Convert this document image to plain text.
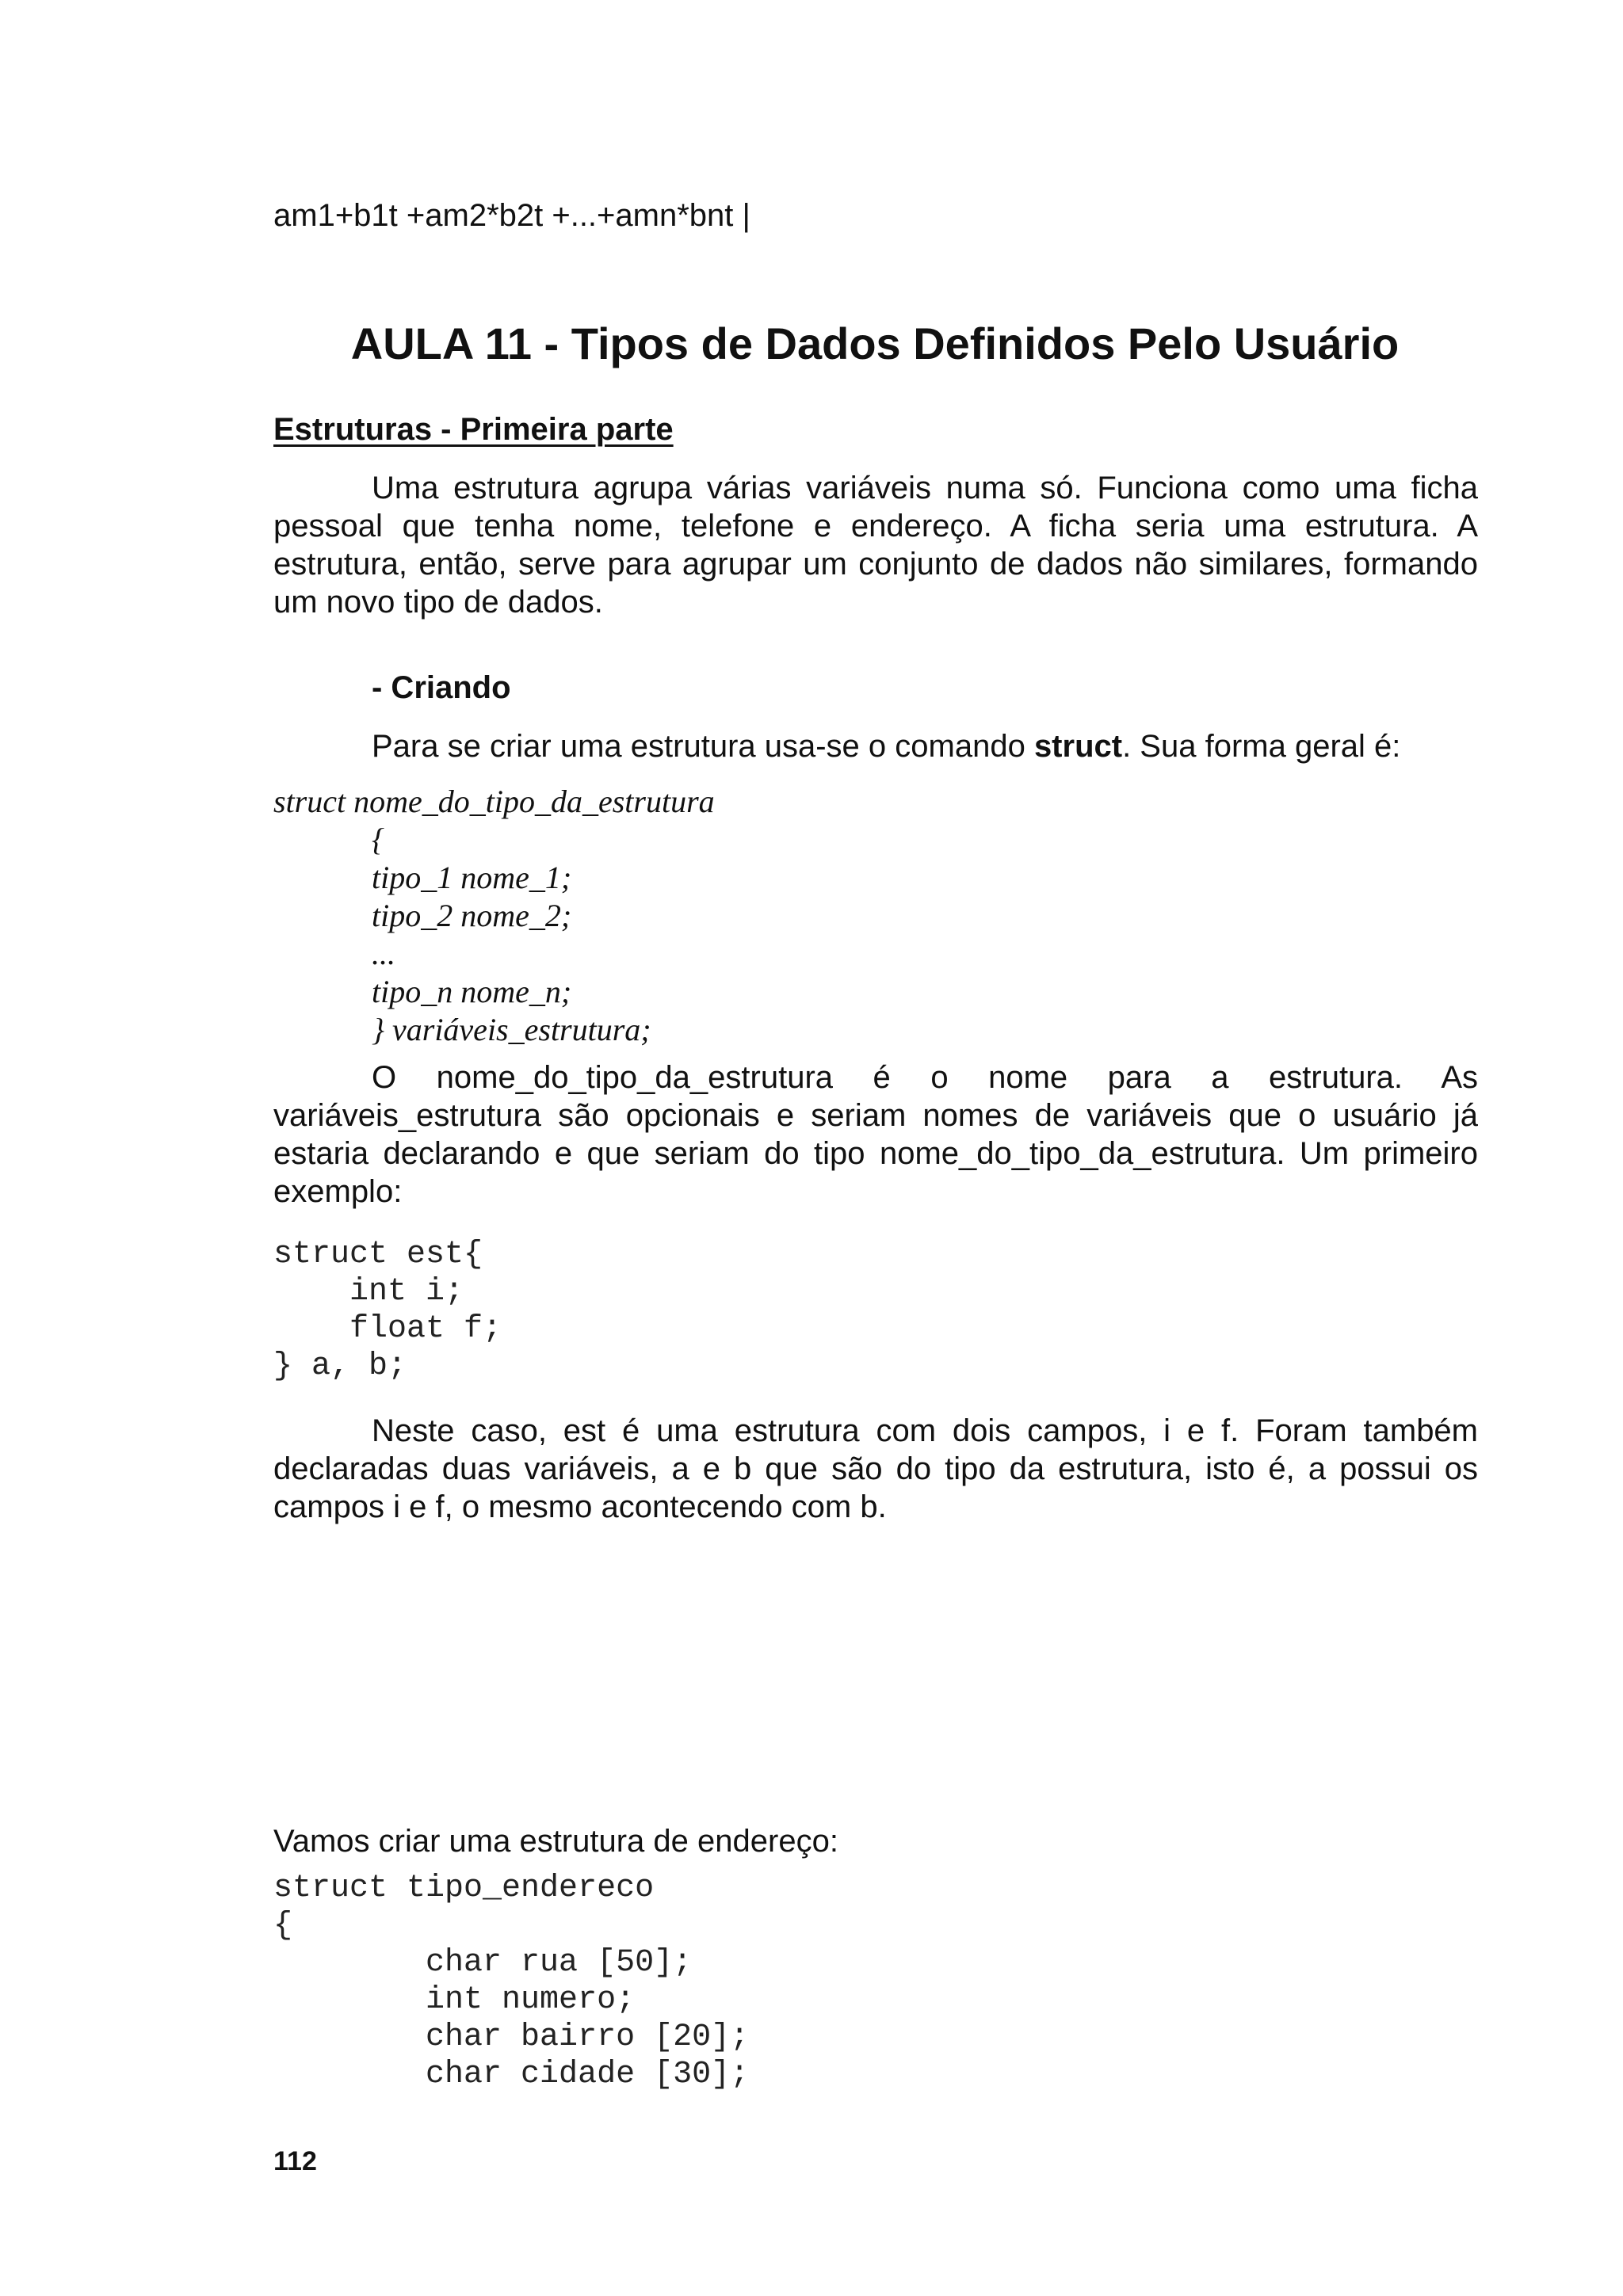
am1+b1t +am2*b2t +...+amn*bnt |

AULA 11 - Tipos de Dados Definidos Pelo Usuário

Estruturas - Primeira parte

Uma estrutura agrupa várias variáveis numa só. Funciona como uma ficha pessoal que tenha nome, telefone e endereço. A ficha seria uma estrutura. A estrutura, então, serve para agrupar um conjunto de dados não similares, formando um novo tipo de dados.

- Criando

Para se criar uma estrutura usa-se o comando struct. Sua forma geral é:

struct nome_do_tipo_da_estrutura

{

tipo_1 nome_1;

tipo_2 nome_2;

...

tipo_n nome_n;

} variáveis_estrutura;

O nome_do_tipo_da_estrutura é o nome para a estrutura. As variáveis_estrutura são opcionais e seriam nomes de variáveis que o usuário já estaria declarando e que seriam do tipo nome_do_tipo_da_estrutura. Um primeiro exemplo:

struct est{

int i;

float f;

} a, b;

Neste caso, est é uma estrutura com dois campos, i e f. Foram também declaradas duas variáveis, a e b que são do tipo da estrutura, isto é, a possui os campos i e f, o mesmo acontecendo com b.

Vamos criar uma estrutura de endereço:

struct tipo_endereco

{

char rua [50];

int numero;

char bairro [20];

char cidade [30];

112
